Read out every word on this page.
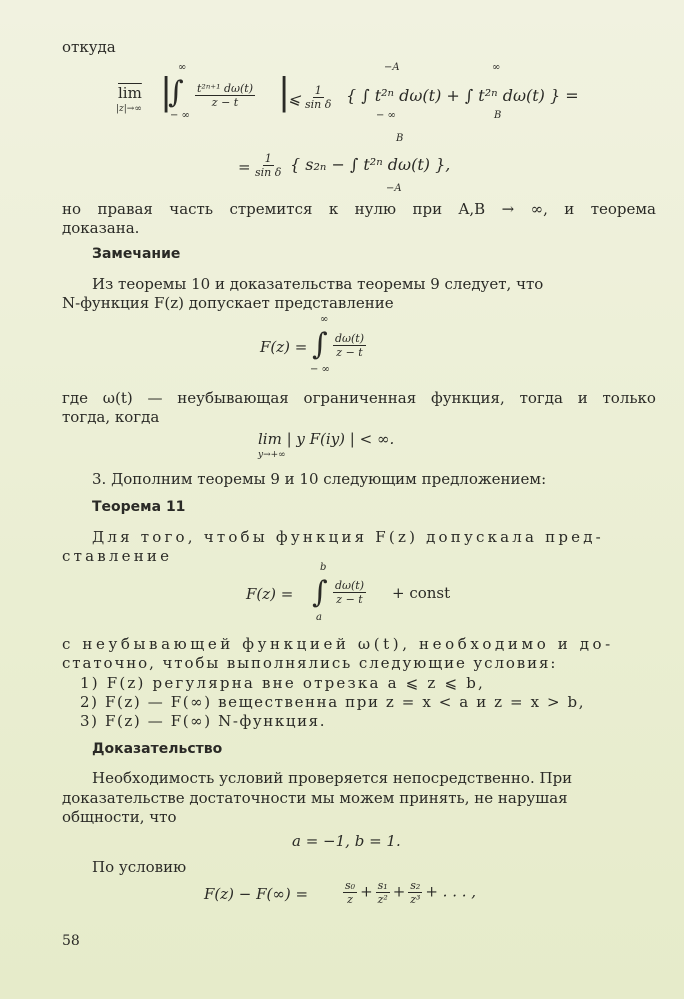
откуда
$\overline{lim}$
|z|→∞ |
∫
∞
− ∞
$\frac{\text{t²ⁿ⁺¹ dω(t)}}{z - t}$ |
⩽ $\frac{1}{\text{sin δ}}$
−A
− ∞
∞
B
{ ∫ t²ⁿ dω(t) + ∫ t²ⁿ dω(t) } =
= $\frac{1}{\text{sin δ}}$
B
−A
{ s₂ₙ − ∫ t²ⁿ dω(t) },
но правая часть стремится к нулю при A,B → ∞, и теорема
доказана.
Замечание
Из теоремы 10 и доказательства теоремы 9 следует, что
N-функция F(z) допускает представление
F(z) = ∫
∞
− ∞
$\frac{d\omega(t)}{z - t}$
где ω(t) — неубывающая ограниченная функция, тогда и только
тогда, когда
lim | y F(iy) | < ∞.
y→+∞
3. Дополним теоремы 9 и 10 следующим предложением:
Теорема 11
Для того, чтобы функция F(z) допускала пред-
ставление
F(z) = ∫
b
a
$\frac{d\omega(t)}{z - t}$ + const
с неубывающей функцией ω(t), необходимо и до-
статочно, чтобы выполнялись следующие условия:
1) F(z) регулярна вне отрезка a ⩽ z ⩽ b,
2) F(z) — F(∞) вещественна при z = x < a и z = x > b,
3) F(z) — F(∞) N-функция.
Доказательство
Необходимость условий проверяется непосредственно. При
доказательстве достаточности мы можем принять, не нарушая
общности, что
a = −1, b = 1.
По условию
F(z) − F(∞) =	$\frac{\text{s₀}}{z} + \frac{\text{s₁}}{\text{z²}} + \frac{\text{s₂}}{\text{z³}}$ + . . . ,
58
